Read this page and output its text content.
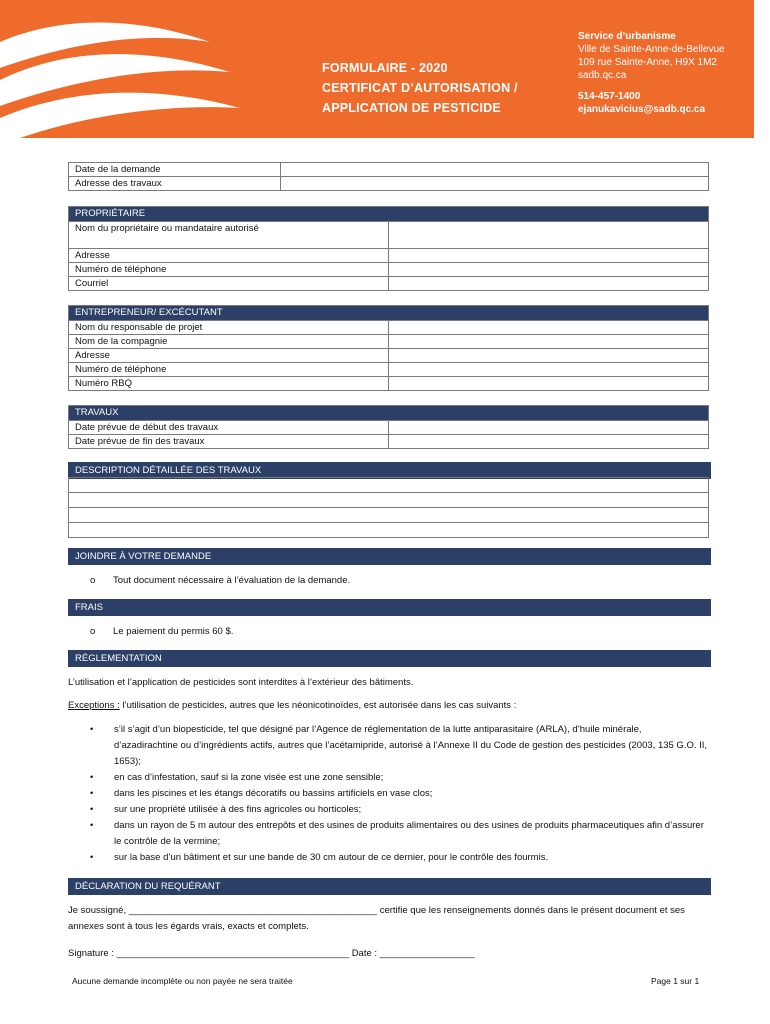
FORMULAIRE - 2020
CERTIFICAT D’AUTORISATION /
APPLICATION DE PESTICIDE
Service d’urbanisme
Ville de Sainte-Anne-de-Bellevue
109 rue Sainte-Anne, H9X 1M2
sadb.qc.ca
514-457-1400
ejanukavicius@sadb.qc.ca
Date de la demande	
Adresse des travaux	
PROPRIÉTAIRE	
Nom du propriétaire ou mandataire autorisé	
Adresse	
Numéro de téléphone	
Courriel	
ENTREPRENEUR/ EXCÉCUTANT	
Nom du responsable de projet	
Nom de la compagnie	
Adresse	
Numéro de téléphone	
Numéro RBQ	
TRAVAUX	
Date prévue de début des travaux	
Date prévue de fin des travaux	
DESCRIPTION DÉTAILLÉE DES TRAVAUX

JOINDRE À VOTRE DEMANDE
o Tout document nécessaire à l’évaluation de la demande.
FRAIS
o Le paiement du permis 60 $.
RÉGLEMENTATION
L’utilisation et l’application de pesticides sont interdites à l’extérieur des bâtiments.
Exceptions : l’utilisation de pesticides, autres que les néonicotinoïdes, est autorisée dans les cas suivants :
• s’il s’agit d’un biopesticide, tel que désigné par l’Agence de réglementation de la lutte antiparasitaire (ARLA), d’huile minérale, d’azadirachtine ou d’ingrédients actifs, autres que l’acétamipride, autorisé à l’Annexe II du Code de gestion des pesticides (2003, 135 G.O. II, 1653);
• en cas d’infestation, sauf si la zone visée est une zone sensible;
• dans les piscines et les étangs décoratifs ou bassins artificiels en vase clos;
• sur une propriété utilisée à des fins agricoles ou horticoles;
• dans un rayon de 5 m autour des entrepôts et des usines de produits alimentaires ou des usines de produits pharmaceutiques afin d’assurer le contrôle de la vermine;
• sur la base d’un bâtiment et sur une bande de 30 cm autour de ce dernier, pour le contrôle des fourmis.
DÉCLARATION DU REQUÉRANT
Je soussigné, _______________________________________________ certifie que les renseignements donnés dans le présent document et ses annexes sont à tous les égards vrais, exacts et complets.
Signature : ____________________________________________ Date : __________________
Aucune demande incomplète ou non payée ne sera traitée	Page 1 sur 1
